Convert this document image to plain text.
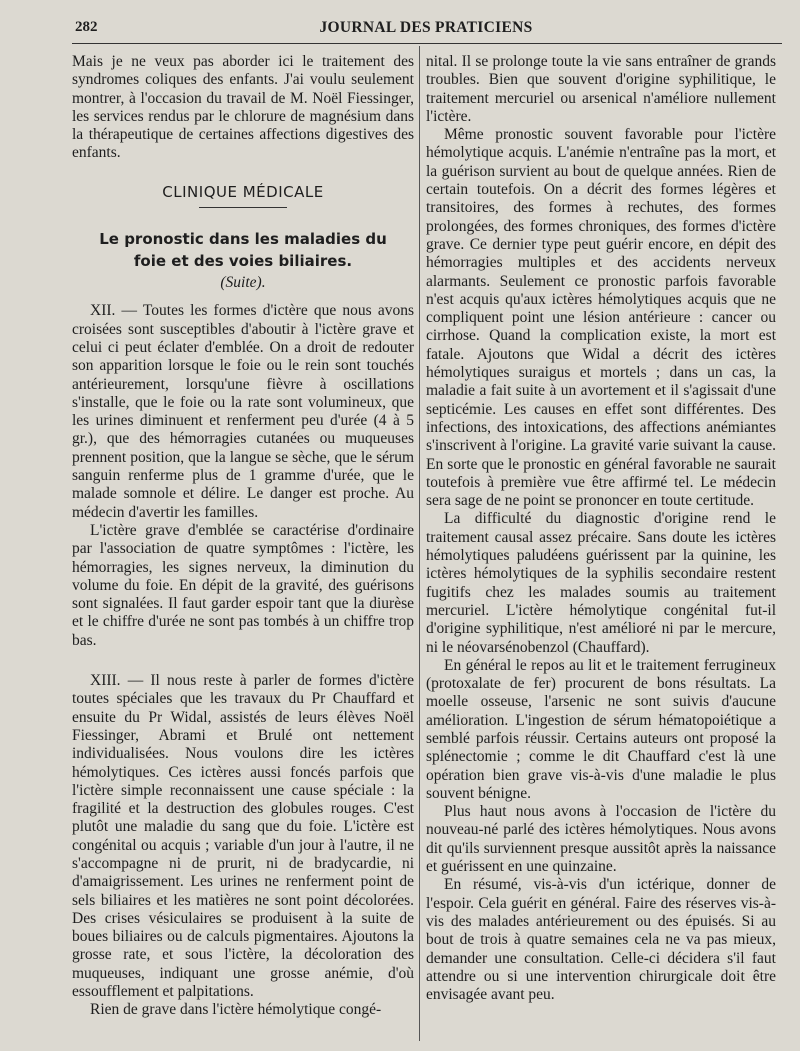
282	JOURNAL DES PRATICIENS

Mais je ne veux pas aborder ici le traitement des syndromes coliques des enfants. J'ai voulu seulement montrer, à l'occasion du travail de M. Noël Fiessinger, les services rendus par le chlorure de magnésium dans la thérapeutique de certaines affections digestives des enfants.

CLINIQUE MÉDICALE
Le pronostic dans les maladies du foie et des voies biliaires.
(Suite).

XII. — Toutes les formes d'ictère que nous avons croisées sont susceptibles d'aboutir à l'ictère grave et celui ci peut éclater d'emblée. On a droit de redouter son apparition lorsque le foie ou le rein sont touchés antérieurement, lorsqu'une fièvre à oscillations s'installe, que le foie ou la rate sont volumineux, que les urines diminuent et renferment peu d'urée (4 à 5 gr.), que des hémorragies cutanées ou muqueuses prennent position, que la langue se sèche, que le sérum sanguin renferme plus de 1 gramme d'urée, que le malade somnole et délire. Le danger est proche. Au médecin d'avertir les familles.

L'ictère grave d'emblée se caractérise d'ordinaire par l'association de quatre symptômes : l'ictère, les hémorragies, les signes nerveux, la diminution du volume du foie. En dépit de la gravité, des guérisons sont signalées. Il faut garder espoir tant que la diurèse et le chiffre d'urée ne sont pas tombés à un chiffre trop bas.

XIII. — Il nous reste à parler de formes d'ictère toutes spéciales que les travaux du Pr Chauffard et ensuite du Pr Widal, assistés de leurs élèves Noël Fiessinger, Abrami et Brulé ont nettement individualisées. Nous voulons dire les ictères hémolytiques. Ces ictères aussi foncés parfois que l'ictère simple reconnaissent une cause spéciale : la fragilité et la destruction des globules rouges. C'est plutôt une maladie du sang que du foie. L'ictère est congénital ou acquis ; variable d'un jour à l'autre, il ne s'accompagne ni de prurit, ni de bradycardie, ni d'amaigrissement. Les urines ne renferment point de sels biliaires et les matières ne sont point décolorées. Des crises vésiculaires se produisent à la suite de boues biliaires ou de calculs pigmentaires. Ajoutons la grosse rate, et sous l'ictère, la décoloration des muqueuses, indiquant une grosse anémie, d'où essoufflement et palpitations.

Rien de grave dans l'ictère hémolytique congé-

nital. Il se prolonge toute la vie sans entraîner de grands troubles. Bien que souvent d'origine syphilitique, le traitement mercuriel ou arsenical n'améliore nullement l'ictère.

Même pronostic souvent favorable pour l'ictère hémolytique acquis. L'anémie n'entraîne pas la mort, et la guérison survient au bout de quelque années. Rien de certain toutefois. On a décrit des formes légères et transitoires, des formes à rechutes, des formes prolongées, des formes chroniques, des formes d'ictère grave. Ce dernier type peut guérir encore, en dépit des hémorragies multiples et des accidents nerveux alarmants. Seulement ce pronostic parfois favorable n'est acquis qu'aux ictères hémolytiques acquis que ne compliquent point une lésion antérieure : cancer ou cirrhose. Quand la complication existe, la mort est fatale. Ajoutons que Widal a décrit des ictères hémolytiques suraigus et mortels ; dans un cas, la maladie a fait suite à un avortement et il s'agissait d'une septicémie. Les causes en effet sont différentes. Des infections, des intoxications, des affections anémiantes s'inscrivent à l'origine. La gravité varie suivant la cause. En sorte que le pronostic en général favorable ne saurait toutefois à première vue être affirmé tel. Le médecin sera sage de ne point se prononcer en toute certitude.

La difficulté du diagnostic d'origine rend le traitement causal assez précaire. Sans doute les ictères hémolytiques paludéens guérissent par la quinine, les ictères hémolytiques de la syphilis secondaire restent fugitifs chez les malades soumis au traitement mercuriel. L'ictère hémolytique congénital fut-il d'origine syphilitique, n'est amélioré ni par le mercure, ni le néovarsénobenzol (Chauffard).

En général le repos au lit et le traitement ferrugineux (protoxalate de fer) procurent de bons résultats. La moelle osseuse, l'arsenic ne sont suivis d'aucune amélioration. L'ingestion de sérum hématopoiétique a semblé parfois réussir. Certains auteurs ont proposé la splénectomie ; comme le dit Chauffard c'est là une opération bien grave vis-à-vis d'une maladie le plus souvent bénigne.

Plus haut nous avons à l'occasion de l'ictère du nouveau-né parlé des ictères hémolytiques. Nous avons dit qu'ils surviennent presque aussitôt après la naissance et guérissent en une quinzaine.

En résumé, vis-à-vis d'un ictérique, donner de l'espoir. Cela guérit en général. Faire des réserves vis-à-vis des malades antérieurement ou des épuisés. Si au bout de trois à quatre semaines cela ne va pas mieux, demander une consultation. Celle-ci décidera s'il faut attendre ou si une intervention chirurgicale doit être envisagée avant peu.
